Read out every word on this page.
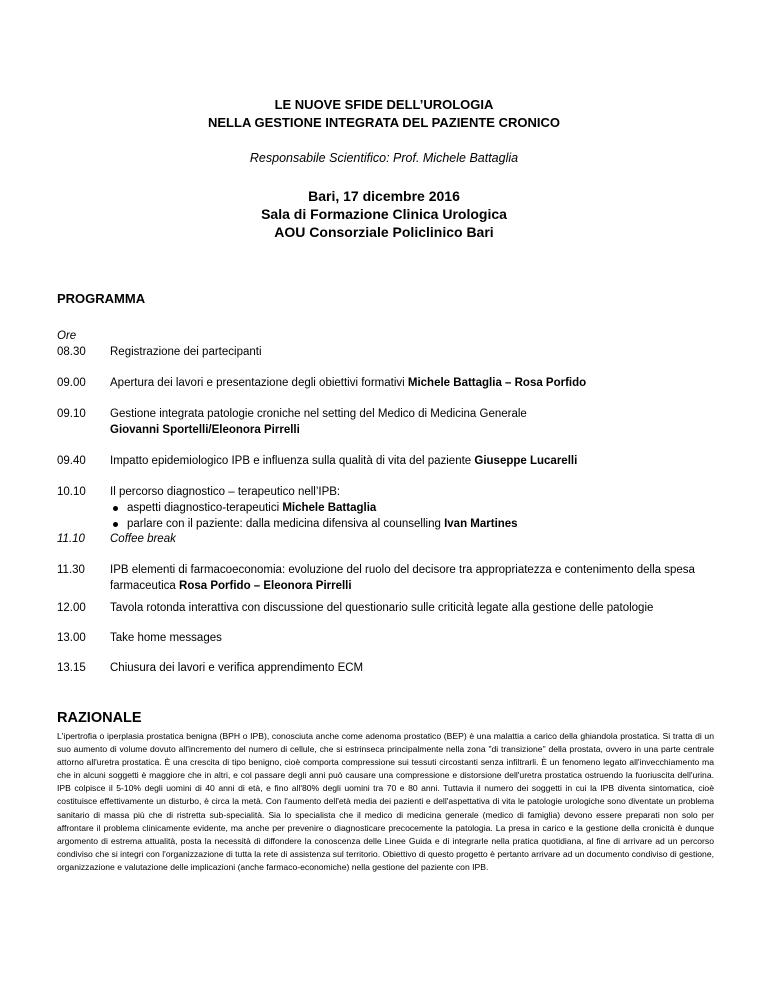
LE NUOVE SFIDE DELL’UROLOGIA
NELLA GESTIONE INTEGRATA DEL PAZIENTE CRONICO
Responsabile Scientifico: Prof. Michele Battaglia
Bari, 17 dicembre 2016
Sala di Formazione Clinica Urologica
AOU Consorziale Policlinico Bari
PROGRAMMA
Ore
08.30	Registrazione dei partecipanti
09.00	Apertura dei lavori e presentazione degli obiettivi formativi Michele Battaglia – Rosa Porfido
09.10	Gestione integrata patologie croniche nel setting del Medico di Medicina Generale
Giovanni Sportelli/Eleonora Pirrelli
09.40	Impatto epidemiologico IPB e influenza sulla qualità di vita del paziente Giuseppe Lucarelli
10.10	Il percorso diagnostico – terapeutico nell’IPB:
aspetti diagnostico-terapeutici Michele Battaglia
parlare con il paziente: dalla medicina difensiva al counselling Ivan Martines
11.10	Coffee break
11.30	IPB elementi di farmacoeconomia: evoluzione del ruolo del decisore tra appropriatezza e contenimento della spesa farmaceutica Rosa Porfido – Eleonora Pirrelli
12.00	Tavola rotonda interattiva con discussione del questionario sulle criticità legate alla gestione delle patologie
13.00	Take home messages
13.15	Chiusura dei lavori e verifica apprendimento ECM
RAZIONALE
L'ipertrofia o iperplasia prostatica benigna (BPH o IPB), conosciuta anche come adenoma prostatico (BEP) è una malattia a carico della ghiandola prostatica. Si tratta di un suo aumento di volume dovuto all'incremento del numero di cellule, che si estrinseca principalmente nella zona "di transizione" della prostata, ovvero in una parte centrale attorno all'uretra prostatica. È una crescita di tipo benigno, cioè comporta compressione sui tessuti circostanti senza infiltrarli. È un fenomeno legato all'invecchiamento ma che in alcuni soggetti è maggiore che in altri, e col passare degli anni può causare una compressione e distorsione dell'uretra prostatica ostruendo la fuoriuscita dell'urina. IPB colpisce il 5-10% degli uomini di 40 anni di età, e fino all'80% degli uomini tra 70 e 80 anni. Tuttavia il numero dei soggetti in cui la IPB diventa sintomatica, cioè costituisce effettivamente un disturbo, è circa la metà. Con l'aumento dell'età media dei pazienti e dell'aspettativa di vita le patologie urologiche sono diventate un problema sanitario di massa più che di ristretta sub-specialità. Sia lo specialista che il medico di medicina generale (medico di famiglia) devono essere preparati non solo per affrontare il problema clinicamente evidente, ma anche per prevenire o diagnosticare precocemente la patologia. La presa in carico e la gestione della cronicità è dunque argomento di estrema attualità, posta la necessità di diffondere la conoscenza delle Linee Guida e di integrarle nella pratica quotidiana, al fine di arrivare ad un percorso condiviso che si integri con l'organizzazione di tutta la rete di assistenza sul territorio. Obiettivo di questo progetto è pertanto arrivare ad un documento condiviso di gestione, organizzazione e valutazione delle implicazioni (anche farmaco-economiche) nella gestione del paziente con IPB.
